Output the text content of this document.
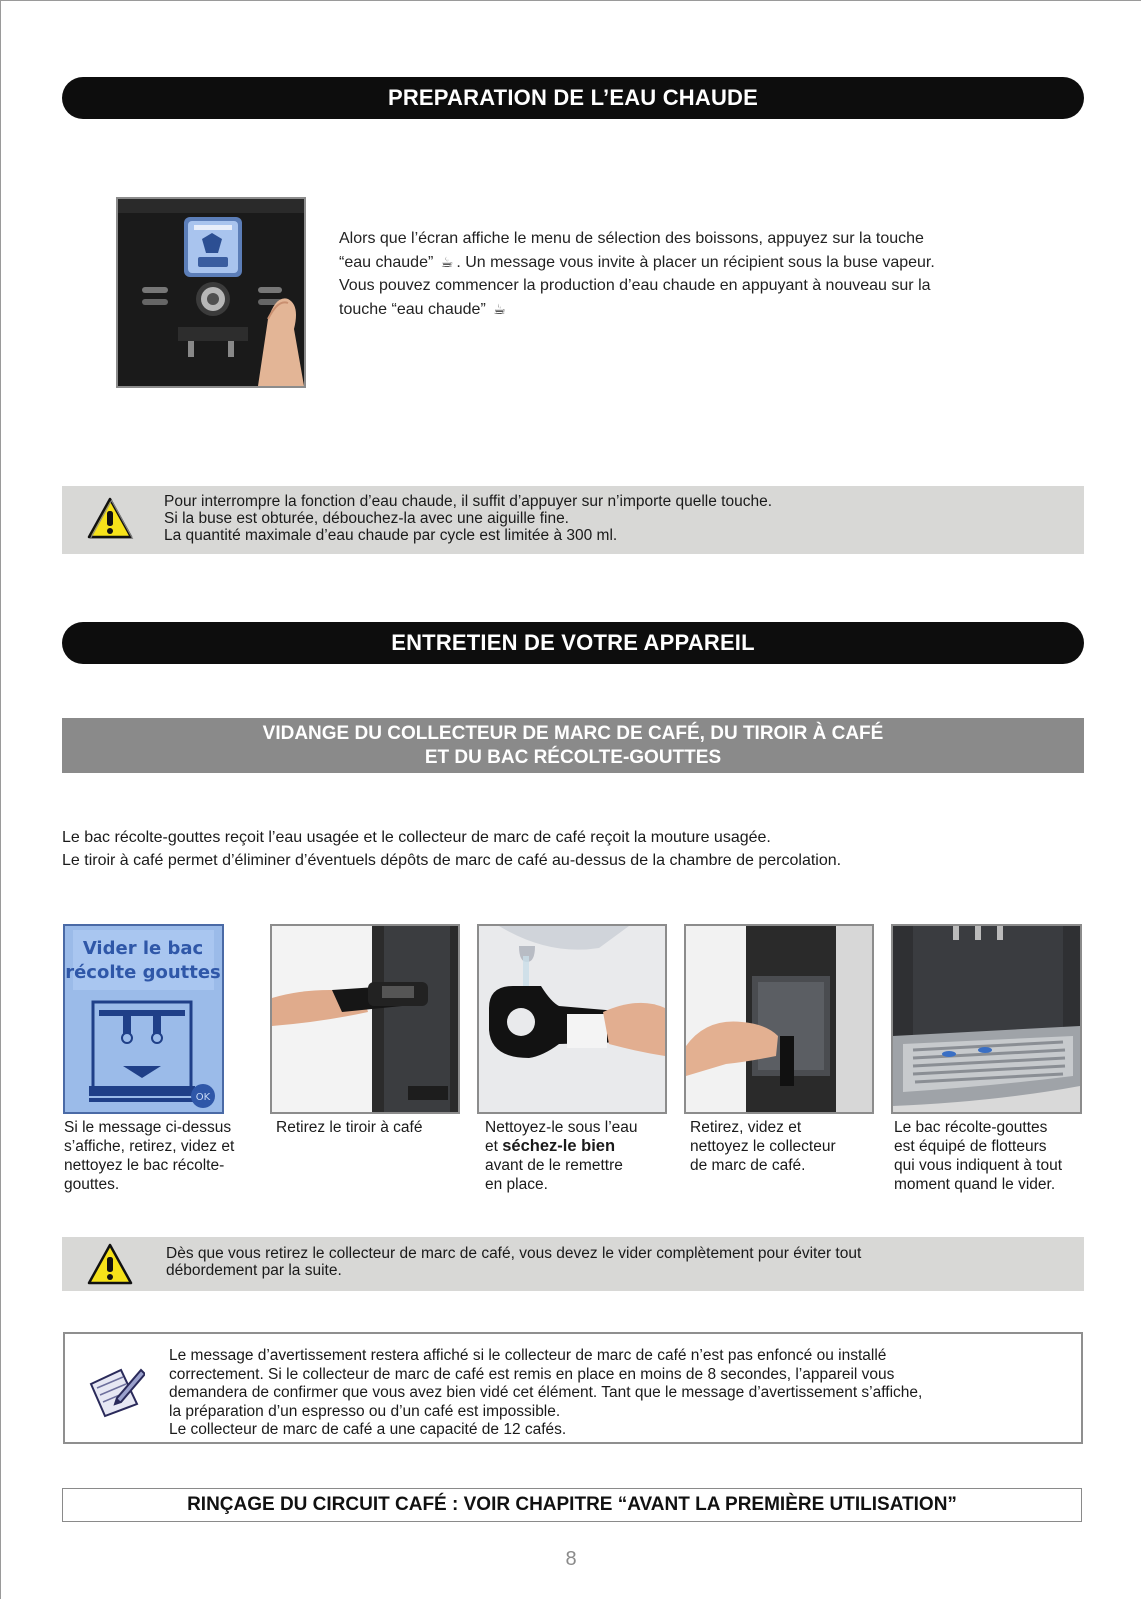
PREPARATION DE L’EAU CHAUDE
Alors que l’écran affiche le menu de sélection des boissons, appuyez sur la touche
“eau chaude” ☕ . Un message vous invite à placer un récipient sous la buse vapeur.
Vous pouvez commencer la production d’eau chaude en appuyant à nouveau sur la
touche “eau chaude” ☕
Pour interrompre la fonction d’eau chaude, il suffit d’appuyer sur n’importe quelle touche.
Si la buse est obturée, débouchez-la avec une aiguille fine.
La quantité maximale d’eau chaude par cycle est limitée à 300 ml.
ENTRETIEN DE VOTRE APPAREIL
VIDANGE DU COLLECTEUR DE MARC DE CAFÉ, DU TIROIR À CAFÉ
ET DU BAC RÉCOLTE-GOUTTES
Le bac récolte-gouttes reçoit l’eau usagée et le collecteur de marc de café reçoit la mouture usagée.
Le tiroir à café permet d’éliminer d’éventuels dépôts de marc de café au-dessus de la chambre de percolation.
Vider le bac
récolte gouttes
OK
Si le message ci-dessus
s’affiche, retirez, videz et
nettoyez le bac récolte-
gouttes.
Retirez le tiroir à café	Nettoyez-le sous l’eau
et séchez-le bien
avant de le remettre
en place.
Retirez, videz et
nettoyez le collecteur
de marc de café.
Le bac récolte-gouttes
est équipé de flotteurs
qui vous indiquent à tout
moment quand le vider.
Dès que vous retirez le collecteur de marc de café, vous devez le vider complètement pour éviter tout
débordement par la suite.
Le message d’avertissement restera affiché si le collecteur de marc de café n’est pas enfoncé ou installé
correctement. Si le collecteur de marc de café est remis en place en moins de 8 secondes, l’appareil vous
demandera de confirmer que vous avez bien vidé cet élément. Tant que le message d’avertissement s’affiche,
la préparation d’un espresso ou d’un café est impossible.
Le collecteur de marc de café a une capacité de 12 cafés.
RINÇAGE DU CIRCUIT CAFÉ : VOIR CHAPITRE “AVANT LA PREMIÈRE UTILISATION”
8
